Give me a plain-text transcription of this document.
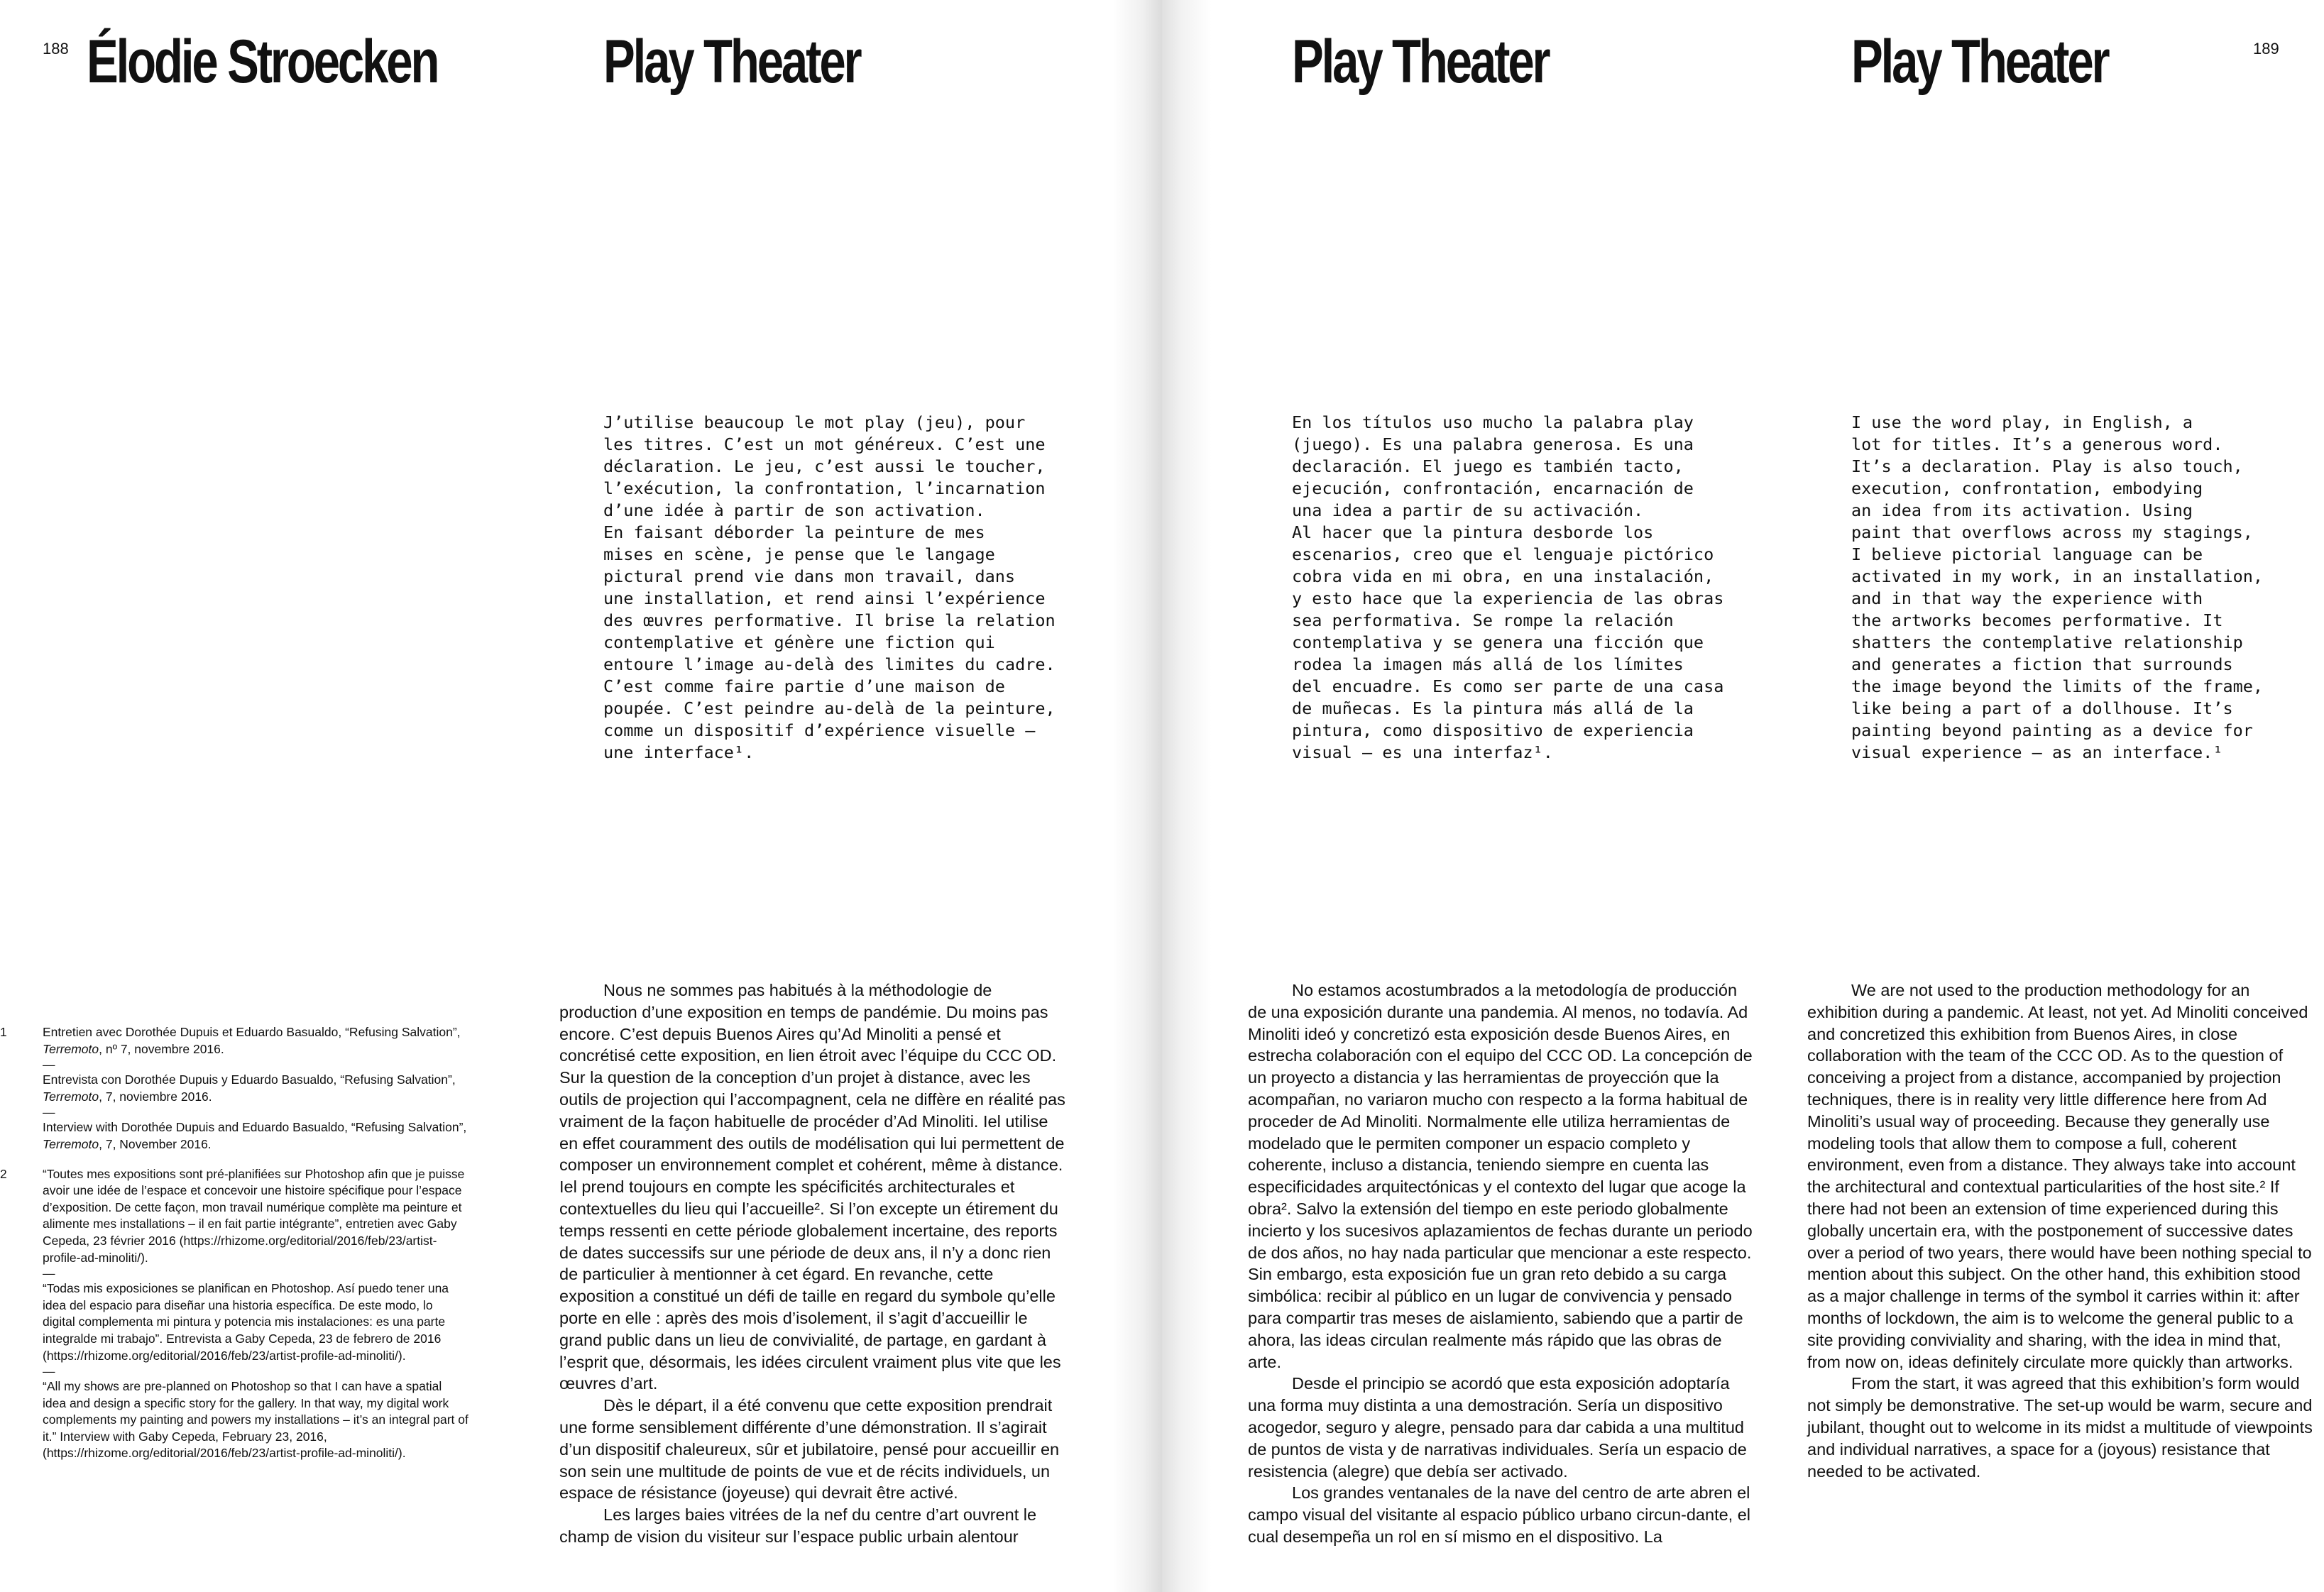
188 Élodie Stroecken	Play Theater
J’utilise beaucoup le mot play (jeu), pour
les titres. C’est un mot généreux. C’est une
déclaration. Le jeu, c’est aussi le toucher,
l’exécution, la confrontation, l’incarnation
d’une idée à partir de son activation.
En faisant déborder la peinture de mes
mises en scène, je pense que le langage
pictural prend vie dans mon travail, dans
une installation, et rend ainsi l’expérience
des œuvres performative. Il brise la relation
contemplative et génère une fiction qui
entoure l’image au-delà des limites du cadre.
C’est comme faire partie d’une maison de
poupée. C’est peindre au-delà de la peinture,
comme un dispositif d’expérience visuelle –
une interface¹.
1	Entretien avec Dorothée Dupuis et Eduardo Basualdo, “Refusing Salvation”, Terremoto, nº 7, novembre 2016.

—

Entrevista con Dorothée Dupuis y Eduardo Basualdo, “Refusing Salvation”, Terremoto, 7, noviembre 2016.

—

Interview with Dorothée Dupuis and Eduardo Basualdo, “Refusing Salvation”, Terremoto, 7, November 2016.

2	“Toutes mes expositions sont pré-planifiées sur Photoshop afin que je puisse avoir une idée de l’espace et concevoir une histoire spécifique pour l’espace d’exposition. De cette façon, mon travail numérique complète ma peinture et alimente mes installations – il en fait partie intégrante”, entretien avec Gaby Cepeda, 23 février 2016 (https://rhizome.org/editorial/2016/feb/23/artist-profile-ad-minoliti/).

—

“Todas mis exposiciones se planifican en Photoshop. Así puedo tener una idea del espacio para diseñar una historia específica. De este modo, lo digital complementa mi pintura y potencia mis instalaciones: es una parte integralde mi trabajo”. Entrevista a Gaby Cepeda, 23 de febrero de 2016 (https://rhizome.org/editorial/2016/feb/23/artist-profile-ad-minoliti/).

—

“All my shows are pre-planned on Photoshop so that I can have a spatial idea and design a specific story for the gallery. In that way, my digital work complements my painting and powers my installations – it’s an integral part of it.” Interview with Gaby Cepeda, February 23, 2016, (https://rhizome.org/editorial/2016/feb/23/artist-profile-ad-minoliti/).

Nous ne sommes pas habitués à la méthodologie de production d’une exposition en temps de pandémie. Du moins pas encore. C’est depuis Buenos Aires qu’Ad Minoliti a pensé et concrétisé cette exposition, en lien étroit avec l’équipe du CCC OD. Sur la question de la conception d’un projet à distance, avec les outils de projection qui l’accompagnent, cela ne diffère en réalité pas vraiment de la façon habituelle de procéder d’Ad Minoliti. Iel utilise en effet couramment des outils de modélisation qui lui permettent de composer un environnement complet et cohérent, même à distance. Iel prend toujours en compte les spécificités architecturales et contextuelles du lieu qui l’accueille². Si l’on excepte un étirement du temps ressenti en cette période globalement incertaine, des reports de dates successifs sur une période de deux ans, il n’y a donc rien de particulier à mentionner à cet égard. En revanche, cette exposition a constitué un défi de taille en regard du symbole qu’elle porte en elle : après des mois d’isolement, il s’agit d’accueillir le grand public dans un lieu de convivialité, de partage, en gardant à l’esprit que, désormais, les idées circulent vraiment plus vite que les œuvres d’art.

Dès le départ, il a été convenu que cette exposition prendrait une forme sensiblement différente d’une démonstration. Il s’agirait d’un dispositif chaleureux, sûr et jubilatoire, pensé pour accueillir en son sein une multitude de points de vue et de récits individuels, un espace de résistance (joyeuse) qui devrait être activé.

Les larges baies vitrées de la nef du centre d’art ouvrent le champ de vision du visiteur sur l’espace public urbain alentour

189
Play Theater	Play Theater
En los títulos uso mucho la palabra play
(juego). Es una palabra generosa. Es una
declaración. El juego es también tacto,
ejecución, confrontación, encarnación de
una idea a partir de su activación.
Al hacer que la pintura desborde los
escenarios, creo que el lenguaje pictórico
cobra vida en mi obra, en una instalación,
y esto hace que la experiencia de las obras
sea performativa. Se rompe la relación
contemplativa y se genera una ficción que
rodea la imagen más allá de los límites
del encuadre. Es como ser parte de una casa
de muñecas. Es la pintura más allá de la
pintura, como dispositivo de experiencia
visual – es una interfaz¹.
I use the word play, in English, a
lot for titles. It’s a generous word.
It’s a declaration. Play is also touch,
execution, confrontation, embodying
an idea from its activation. Using
paint that overflows across my stagings,
I believe pictorial language can be
activated in my work, in an installation,
and in that way the experience with
the artworks becomes performative. It
shatters the contemplative relationship
and generates a fiction that surrounds
the image beyond the limits of the frame,
like being a part of a dollhouse. It’s
painting beyond painting as a device for
visual experience – as an interface.¹

No estamos acostumbrados a la metodología de producción de una exposición durante una pandemia. Al menos, no todavía. Ad Minoliti ideó y concretizó esta exposición desde Buenos Aires, en estrecha colaboración con el equipo del CCC OD. La concepción de un proyecto a distancia y las herramientas de proyección que la acompañan, no variaron mucho con respecto a la forma habitual de proceder de Ad Minoliti. Normalmente elle utiliza herramientas de modelado que le permiten componer un espacio completo y coherente, incluso a distancia, teniendo siempre en cuenta las especificidades arquitectónicas y el contexto del lugar que acoge la obra². Salvo la extensión del tiempo en este periodo globalmente incierto y los sucesivos aplazamientos de fechas durante un periodo de dos años, no hay nada particular que mencionar a este respecto. Sin embargo, esta exposición fue un gran reto debido a su carga simbólica: recibir al público en un lugar de convivencia y pensado para compartir tras meses de aislamiento, sabiendo que a partir de ahora, las ideas circulan realmente más rápido que las obras de arte.

Desde el principio se acordó que esta exposición adoptaría una forma muy distinta a una demostración. Sería un dispositivo acogedor, seguro y alegre, pensado para dar cabida a una multitud de puntos de vista y de narrativas individuales. Sería un espacio de resistencia (alegre) que debía ser activado.

Los grandes ventanales de la nave del centro de arte abren el campo visual del visitante al espacio público urbano circun-dante, el cual desempeña un rol en sí mismo en el dispositivo. La

We are not used to the production methodology for an exhibition during a pandemic. At least, not yet. Ad Minoliti conceived and concretized this exhibition from Buenos Aires, in close collaboration with the team of the CCC OD. As to the question of conceiving a project from a distance, accompanied by projection techniques, there is in reality very little difference here from Ad Minoliti’s usual way of proceeding. Because they generally use modeling tools that allow them to compose a full, coherent environment, even from a distance. They always take into account the architectural and contextual particularities of the host site.² If there had not been an extension of time experienced during this globally uncertain era, with the postponement of successive dates over a period of two years, there would have been nothing special to mention about this subject. On the other hand, this exhibition stood as a major challenge in terms of the symbol it carries within it: after months of lockdown, the aim is to welcome the general public to a site providing conviviality and sharing, with the idea in mind that, from now on, ideas definitely circulate more quickly than artworks.

From the start, it was agreed that this exhibition’s form would not simply be demonstrative. The set-up would be warm, secure and jubilant, thought out to welcome in its midst a multitude of viewpoints and individual narratives, a space for a (joyous) resistance that needed to be activated.
